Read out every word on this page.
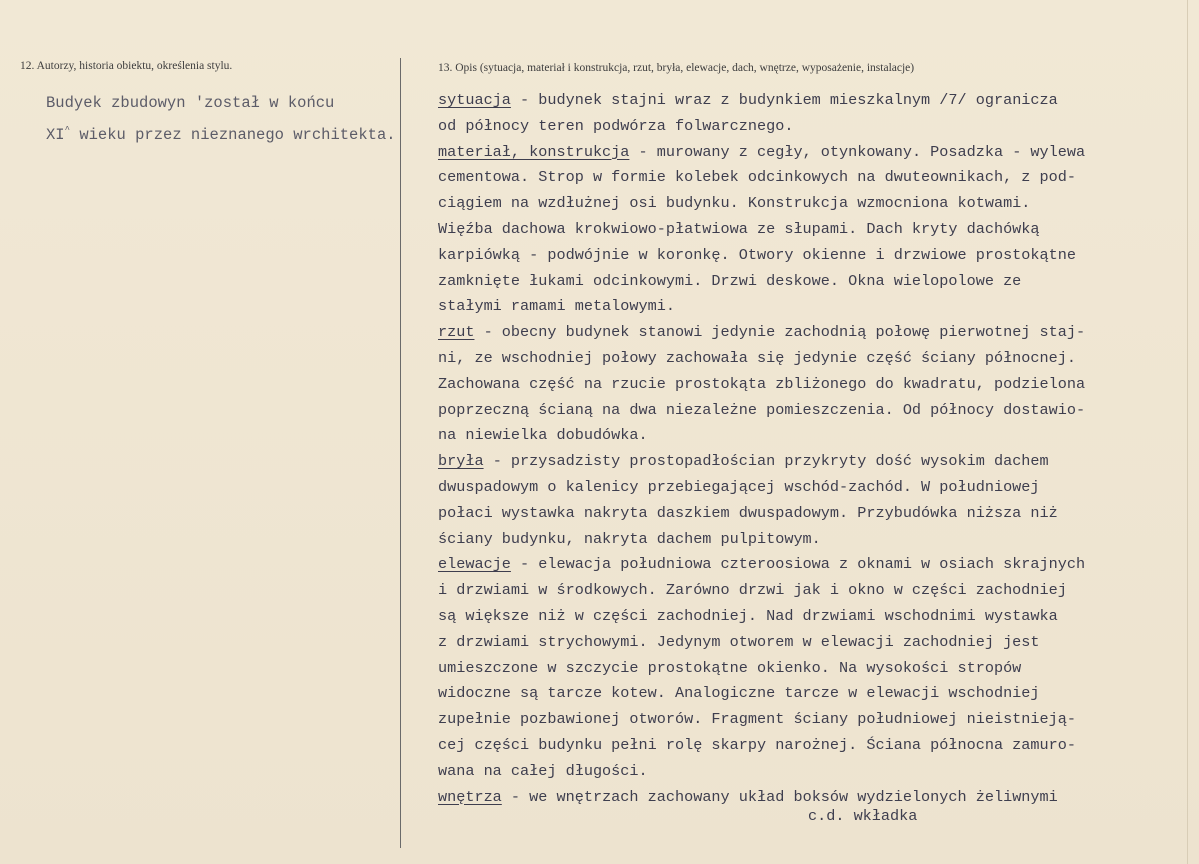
12. Autorzy, historia obiektu, określenia stylu.	13. Opis (sytuacja, materiał i konstrukcja, rzut, bryła, elewacje, dach, wnętrze, wyposażenie, instalacje)
Budyek zbudowyn 'został w końcu
XI^ wieku przez nieznanego wrchitekta.
sytuacja - budynek stajni wraz z budynkiem mieszkalnym /7/ ogranicza
od północy teren podwórza folwarcznego.
materiał, konstrukcja - murowany z cegły, otynkowany. Posadzka - wylewa
cementowa. Strop w formie kolebek odcinkowych na dwuteownikach, z pod-
ciągiem na wzdłużnej osi budynku. Konstrukcja wzmocniona kotwami.
Więźba dachowa krokwiowo-płatwiowa ze słupami. Dach kryty dachówką
karpiówką - podwójnie w koronkę. Otwory okienne i drzwiowe prostokątne
zamknięte łukami odcinkowymi. Drzwi deskowe. Okna wielopolowe ze
stałymi ramami metalowymi.
rzut - obecny budynek stanowi jedynie zachodnią połowę pierwotnej staj-
ni, ze wschodniej połowy zachowała się jedynie część ściany północnej.
Zachowana część na rzucie prostokąta zbliżonego do kwadratu, podzielona
poprzeczną ścianą na dwa niezależne pomieszczenia. Od północy dostawio-
na niewielka dobudówka.
bryła - przysadzisty prostopadłościan przykryty dość wysokim dachem
dwuspadowym o kalenicy przebiegającej wschód-zachód. W południowej
połaci wystawka nakryta daszkiem dwuspadowym. Przybudówka niższa niż
ściany budynku, nakryta dachem pulpitowym.
elewacje - elewacja południowa czteroosiowa z oknami w osiach skrajnych
i drzwiami w środkowych. Zarówno drzwi jak i okno w części zachodniej
są większe niż w części zachodniej. Nad drzwiami wschodnimi wystawka
z drzwiami strychowymi. Jedynym otworem w elewacji zachodniej jest
umieszczone w szczycie prostokątne okienko. Na wysokości stropów
widoczne są tarcze kotew. Analogiczne tarcze w elewacji wschodniej
zupełnie pozbawionej otworów. Fragment ściany południowej nieistnieją-
cej części budynku pełni rolę skarpy narożnej. Ściana północna zamuro-
wana na całej długości.
wnętrza - we wnętrzach zachowany układ boksów wydzielonych żeliwnymi
c.d. wkładka
